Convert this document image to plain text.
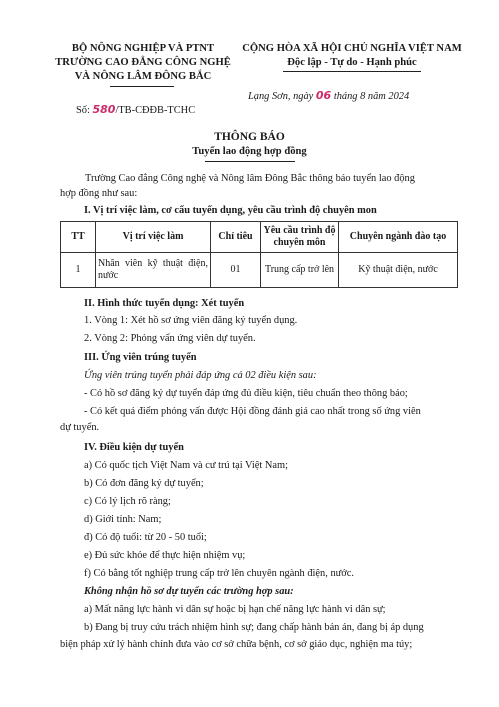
BỘ NÔNG NGHIỆP VÀ PTNT
TRƯỜNG CAO ĐẲNG CÔNG NGHỆ
VÀ NÔNG LÂM ĐÔNG BẮC
Số: 580/TB-CĐĐB-TCHC
CỘNG HÒA XÃ HỘI CHỦ NGHĨA VIỆT NAM
Độc lập - Tự do - Hạnh phúc
Lạng Sơn, ngày 06 tháng 8 năm 2024
THÔNG BÁO
Tuyển lao động hợp đồng
Trường Cao đẳng Công nghệ và Nông lâm Đông Bắc thông báo tuyển lao động
hợp đồng như sau:
I. Vị trí việc làm, cơ cấu tuyển dụng, yêu cầu trình độ chuyên mon
TT	Vị trí việc làm	Chỉ tiêu	Yêu cầu trình độ chuyên môn	Chuyên ngành đào tạo
1	Nhân viên kỹ thuật điện, nước	01	Trung cấp trở lên	Kỹ thuật điện, nước
II. Hình thức tuyển dụng: Xét tuyển
1. Vòng 1: Xét hồ sơ ứng viên đăng ký tuyển dụng.
2. Vòng 2: Phỏng vấn ứng viên dự tuyển.
III. Ứng viên trúng tuyển
Ứng viên trúng tuyển phải đáp ứng cả 02 điều kiện sau:
- Có hồ sơ đăng ký dự tuyển đáp ứng đủ điều kiện, tiêu chuẩn theo thông báo;
- Có kết quả điểm phỏng vấn được Hội đồng đánh giá cao nhất trong số ứng viên
dự tuyển.
IV. Điều kiện dự tuyển
a) Có quốc tịch Việt Nam và cư trú tại Việt Nam;
b) Có đơn đăng ký dự tuyển;
c) Có lý lịch rõ ràng;
d) Giới tính: Nam;
đ) Có độ tuổi: từ 20 - 50 tuổi;
e) Đủ sức khỏe để thực hiện nhiệm vụ;
f) Có bằng tốt nghiệp trung cấp trở lên chuyên ngành điện, nước.
Không nhận hồ sơ dự tuyển các trường hợp sau:
a) Mất năng lực hành vi dân sự hoặc bị hạn chế năng lực hành vi dân sự;
b) Đang bị truy cứu trách nhiệm hình sự; đang chấp hành bản án, đang bị áp dụng
biện pháp xử lý hành chính đưa vào cơ sở chữa bệnh, cơ sở giáo dục, nghiện ma túy;
